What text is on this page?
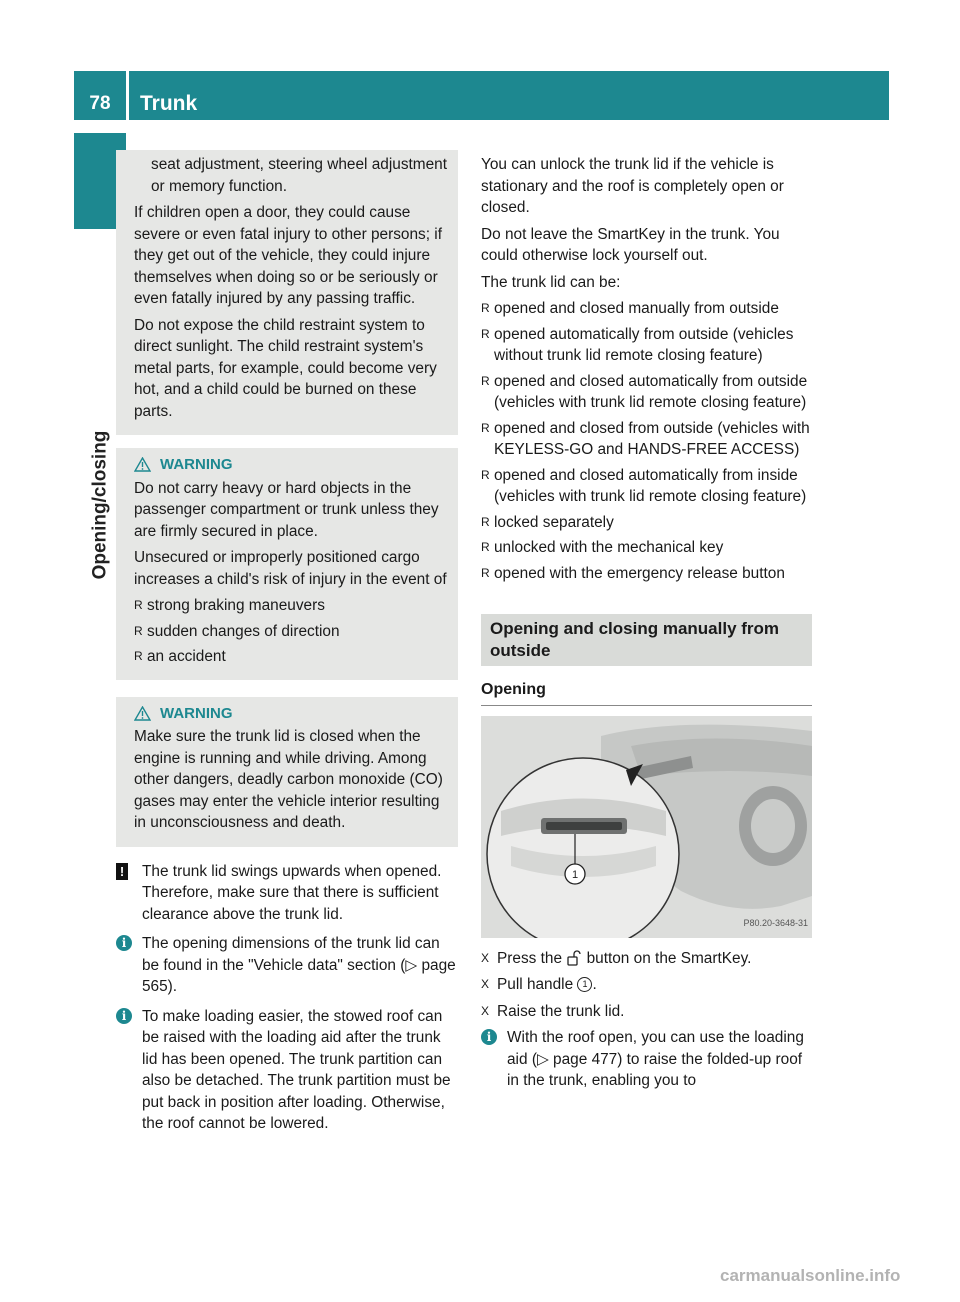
78	Trunk
Opening/closing

seat adjustment, steering wheel adjustment or memory function.

If children open a door, they could cause severe or even fatal injury to other persons; if they get out of the vehicle, they could injure themselves when doing so or be seriously or even fatally injured by any passing traffic.

Do not expose the child restraint system to direct sunlight. The child restraint system's metal parts, for example, could become very hot, and a child could be burned on these parts.

WARNING

Do not carry heavy or hard objects in the passenger compartment or trunk unless they are firmly secured in place.

Unsecured or improperly positioned cargo increases a child's risk of injury in the event of

R strong braking maneuvers
R sudden changes of direction
R an accident
WARNING

Make sure the trunk lid is closed when the engine is running and while driving. Among other dangers, deadly carbon monoxide (CO) gases may enter the vehicle interior resulting in unconsciousness and death.

! The trunk lid swings upwards when opened. Therefore, make sure that there is sufficient clearance above the trunk lid.
i	The opening dimensions of the trunk lid can be found in the "Vehicle data" section (▷ page 565).
i	To make loading easier, the stowed roof can be raised with the loading aid after the trunk lid has been opened. The trunk partition can also be detached. The trunk partition must be put back in position after loading. Otherwise, the roof cannot be lowered.

You can unlock the trunk lid if the vehicle is stationary and the roof is completely open or closed.

Do not leave the SmartKey in the trunk. You could otherwise lock yourself out.

The trunk lid can be:

R opened and closed manually from outside
R opened automatically from outside (vehicles without trunk lid remote closing feature)
R opened and closed automatically from outside (vehicles with trunk lid remote closing feature)
R opened and closed from outside (vehicles with KEYLESS-GO and HANDS-FREE ACCESS)
R opened and closed automatically from inside (vehicles with trunk lid remote closing feature)
R locked separately
R unlocked with the mechanical key
R opened with the emergency release button
Opening and closing manually from outside
Opening
1
P80.20-3648-31
X Press the button on the SmartKey.
X Pull handle 1 .
X Raise the trunk lid.
i	With the roof open, you can use the loading aid (▷ page 477) to raise the folded-up roof in the trunk, enabling you to
carmanualsonline.info
